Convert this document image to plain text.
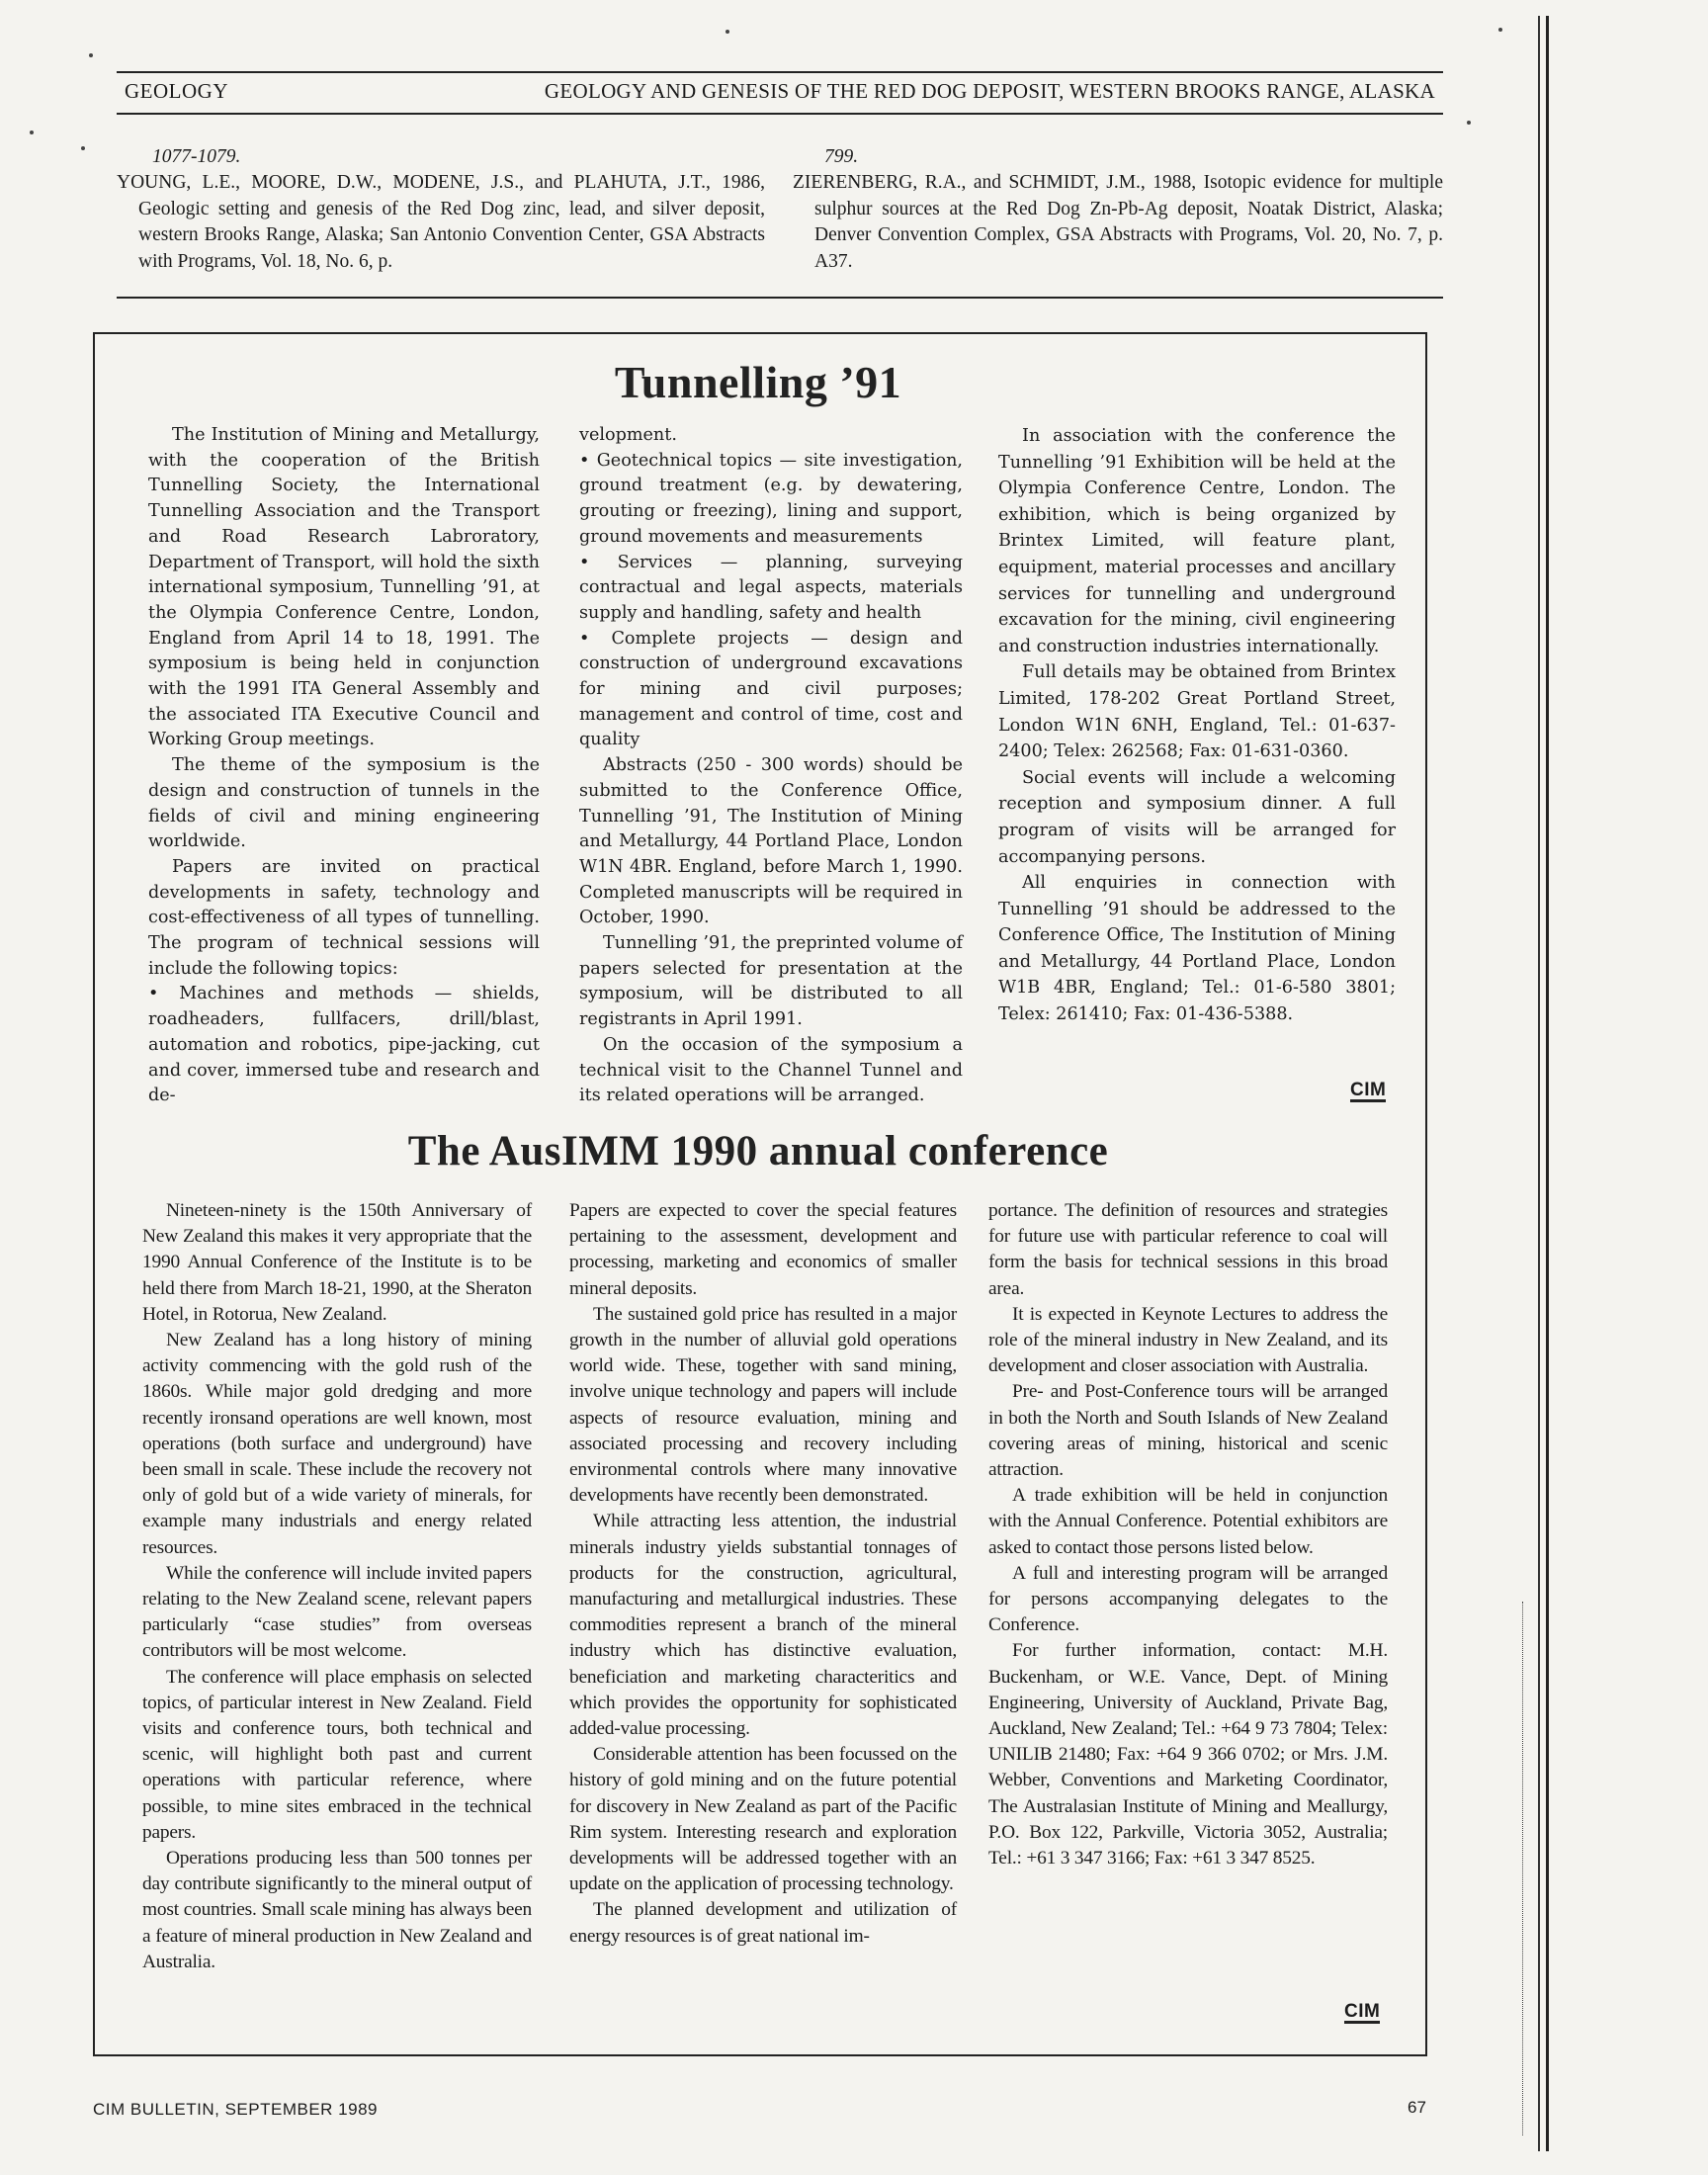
GEOLOGY	GEOLOGY AND GENESIS OF THE RED DOG DEPOSIT, WESTERN BROOKS RANGE, ALASKA
1077-1079.
YOUNG, L.E., MOORE, D.W., MODENE, J.S., and PLAHUTA, J.T., 1986, Geologic setting and genesis of the Red Dog zinc, lead, and silver deposit, western Brooks Range, Alaska; San Antonio Convention Center, GSA Abstracts with Programs, Vol. 18, No. 6, p.
799.
ZIERENBERG, R.A., and SCHMIDT, J.M., 1988, Isotopic evidence for multiple sulphur sources at the Red Dog Zn-Pb-Ag deposit, Noatak District, Alaska; Denver Convention Complex, GSA Abstracts with Programs, Vol. 20, No. 7, p. A37.
Tunnelling ’91

The Institution of Mining and Metallurgy, with the cooperation of the British Tunnelling Society, the International Tunnelling Association and the Transport and Road Research Labroratory, Department of Transport, will hold the sixth international symposium, Tunnelling ’91, at the Olympia Conference Centre, London, England from April 14 to 18, 1991. The symposium is being held in conjunction with the 1991 ITA General Assembly and the associated ITA Executive Council and Working Group meetings.

The theme of the symposium is the design and construction of tunnels in the fields of civil and mining engineering worldwide.

Papers are invited on practical developments in safety, technology and cost-effectiveness of all types of tunnelling. The program of technical sessions will include the following topics:

• Machines and methods — shields, roadheaders, fullfacers, drill/blast, automation and robotics, pipe-jacking, cut and cover, immersed tube and research and de-

velopment.

• Geotechnical topics — site investigation, ground treatment (e.g. by dewatering, grouting or freezing), lining and support, ground movements and measurements

• Services — planning, surveying contractual and legal aspects, materials supply and handling, safety and health

• Complete projects — design and construction of underground excavations for mining and civil purposes; management and control of time, cost and quality

Abstracts (250 - 300 words) should be submitted to the Conference Office, Tunnelling ’91, The Institution of Mining and Metallurgy, 44 Portland Place, London W1N 4BR. England, before March 1, 1990. Completed manuscripts will be required in October, 1990.

Tunnelling ’91, the preprinted volume of papers selected for presentation at the symposium, will be distributed to all registrants in April 1991.

On the occasion of the symposium a technical visit to the Channel Tunnel and its related operations will be arranged.

In association with the conference the Tunnelling ’91 Exhibition will be held at the Olympia Conference Centre, London. The exhibition, which is being organized by Brintex Limited, will feature plant, equipment, material processes and ancillary services for tunnelling and underground excavation for the mining, civil engineering and construction industries internationally.

Full details may be obtained from Brintex Limited, 178-202 Great Portland Street, London W1N 6NH, England, Tel.: 01-637-2400; Telex: 262568; Fax: 01-631-0360.

Social events will include a welcoming reception and symposium dinner. A full program of visits will be arranged for accompanying persons.

All enquiries in connection with Tunnelling ’91 should be addressed to the Conference Office, The Institution of Mining and Metallurgy, 44 Portland Place, London W1B 4BR, England; Tel.: 01-6-580 3801; Telex: 261410; Fax: 01-436-5388.

CIM
The AusIMM 1990 annual conference

Nineteen-ninety is the 150th Anniversary of New Zealand this makes it very appropriate that the 1990 Annual Conference of the Institute is to be held there from March 18-21, 1990, at the Sheraton Hotel, in Rotorua, New Zealand.

New Zealand has a long history of mining activity commencing with the gold rush of the 1860s. While major gold dredging and more recently ironsand operations are well known, most operations (both surface and underground) have been small in scale. These include the recovery not only of gold but of a wide variety of minerals, for example many industrials and energy related resources.

While the conference will include invited papers relating to the New Zealand scene, relevant papers particularly “case studies” from overseas contributors will be most welcome.

The conference will place emphasis on selected topics, of particular interest in New Zealand. Field visits and conference tours, both technical and scenic, will highlight both past and current operations with particular reference, where possible, to mine sites embraced in the technical papers.

Operations producing less than 500 tonnes per day contribute significantly to the mineral output of most countries. Small scale mining has always been a feature of mineral production in New Zealand and Australia.

Papers are expected to cover the special features pertaining to the assessment, development and processing, marketing and economics of smaller mineral deposits.

The sustained gold price has resulted in a major growth in the number of alluvial gold operations world wide. These, together with sand mining, involve unique technology and papers will include aspects of resource evaluation, mining and associated processing and recovery including environmental controls where many innovative developments have recently been demonstrated.

While attracting less attention, the industrial minerals industry yields substantial tonnages of products for the construction, agricultural, manufacturing and metallurgical industries. These commodities represent a branch of the mineral industry which has distinctive evaluation, beneficiation and marketing characteritics and which provides the opportunity for sophisticated added-value processing.

Considerable attention has been focussed on the history of gold mining and on the future potential for discovery in New Zealand as part of the Pacific Rim system. Interesting research and exploration developments will be addressed together with an update on the application of processing technology.

The planned development and utilization of energy resources is of great national im-

portance. The definition of resources and strategies for future use with particular reference to coal will form the basis for technical sessions in this broad area.

It is expected in Keynote Lectures to address the role of the mineral industry in New Zealand, and its development and closer association with Australia.

Pre- and Post-Conference tours will be arranged in both the North and South Islands of New Zealand covering areas of mining, historical and scenic attraction.

A trade exhibition will be held in conjunction with the Annual Conference. Potential exhibitors are asked to contact those persons listed below.

A full and interesting program will be arranged for persons accompanying delegates to the Conference.

For further information, contact: M.H. Buckenham, or W.E. Vance, Dept. of Mining Engineering, University of Auckland, Private Bag, Auckland, New Zealand; Tel.: +64 9 73 7804; Telex: UNILIB 21480; Fax: +64 9 366 0702; or Mrs. J.M. Webber, Conventions and Marketing Coordinator, The Australasian Institute of Mining and Meallurgy, P.O. Box 122, Parkville, Victoria 3052, Australia; Tel.: +61 3 347 3166; Fax: +61 3 347 8525.

CIM
CIM BULLETIN, SEPTEMBER 1989	67
